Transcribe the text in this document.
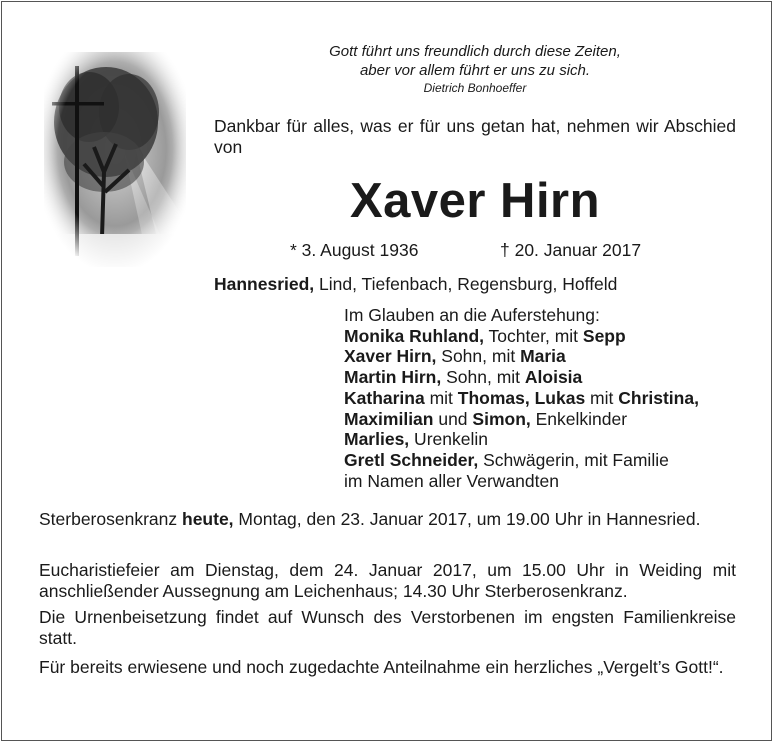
Gott führt uns freundlich durch diese Zeiten,
aber vor allem führt er uns zu sich.
Dietrich Bonhoeffer
Dankbar für alles, was er für uns getan hat, nehmen wir Abschied von
Xaver Hirn
* 3. August 1936	† 20. Januar 2017
Hannesried, Lind, Tiefenbach, Regensburg, Hoffeld
Im Glauben an die Auferstehung:
Monika Ruhland, Tochter, mit Sepp
Xaver Hirn, Sohn, mit Maria
Martin Hirn, Sohn, mit Aloisia
Katharina mit Thomas, Lukas mit Christina,
Maximilian und Simon, Enkelkinder
Marlies, Urenkelin
Gretl Schneider, Schwägerin, mit Familie
im Namen aller Verwandten
Sterberosenkranz heute, Montag, den 23. Januar 2017, um 19.00 Uhr in Hannesried.
Eucharistiefeier am Dienstag, dem 24. Januar 2017, um 15.00 Uhr in Weiding mit anschließender Aussegnung am Leichenhaus; 14.30 Uhr Sterberosenkranz.
Die Urnenbeisetzung findet auf Wunsch des Verstorbenen im engsten Familienkreise statt.
Für bereits erwiesene und noch zugedachte Anteilnahme ein herzliches „Vergelt’s Gott!“.
